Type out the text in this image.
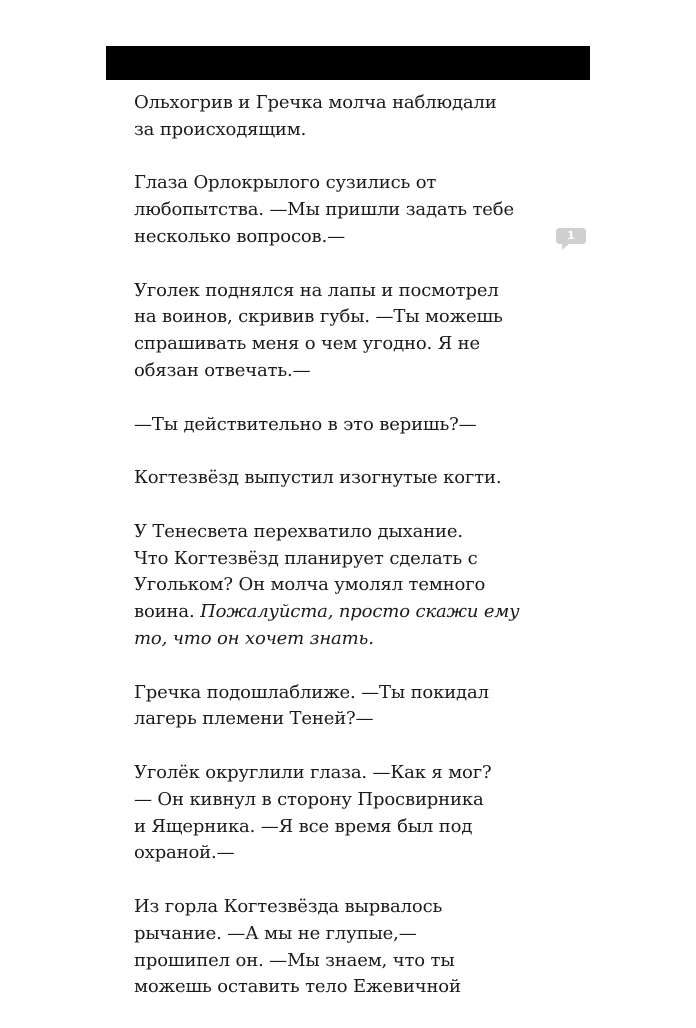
1

Ольхогрив и Гречка молча наблюдали
за происходящим.

Глаза Орлокрылого сузились от
любопытства. —Мы пришли задать тебе
несколько вопросов.—

Уголек поднялся на лапы и посмотрел
на воинов, скривив губы. —Ты можешь
спрашивать меня о чем угодно. Я не
обязан отвечать.—

—Ты действительно в это веришь?—

Когтезвёзд выпустил изогнутые когти.

У Тенесвета перехватило дыхание.
Что Когтезвёзд планирует сделать с
Угольком? Он молча умолял темного
воина. Пожалуйста, просто скажи ему
то, что он хочет знать.

Гречка подошлаближе. —Ты покидал
лагерь племени Теней?—

Уголёк округлили глаза. —Как я мог?
— Он кивнул в сторону Просвирника
и Ящерника. —Я все время был под
охраной.—

Из горла Когтезвёзда вырвалось
рычание. —А мы не глупые,—
прошипел он. —Мы знаем, что ты
можешь оставить тело Ежевичной
